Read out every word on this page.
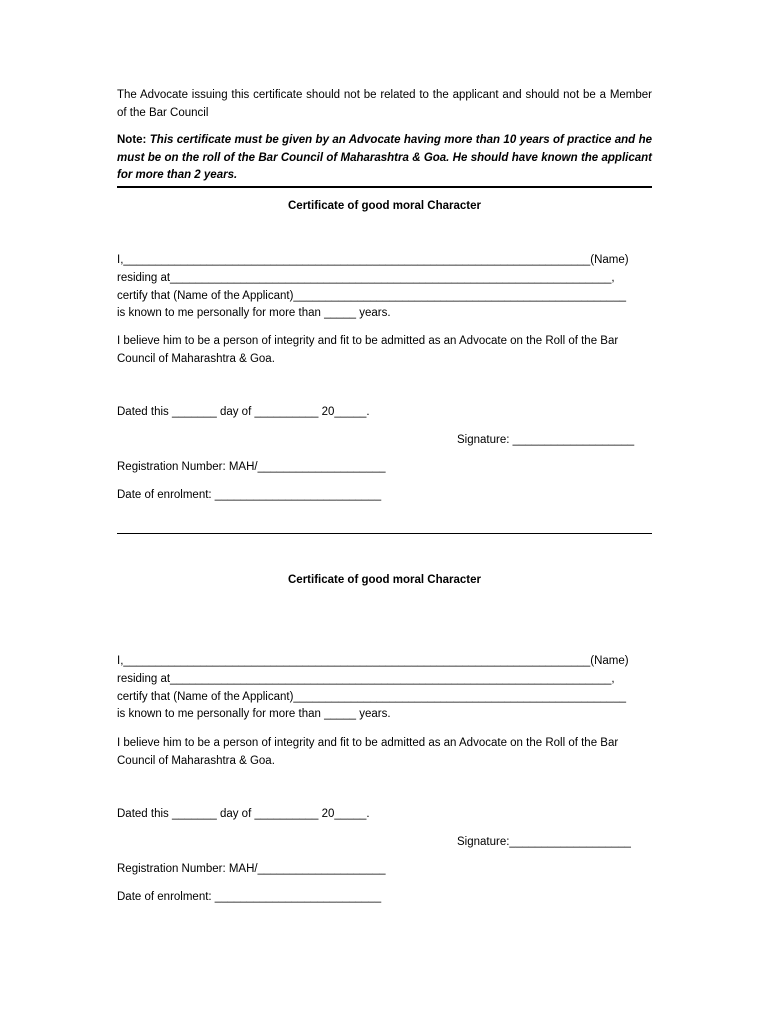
The Advocate issuing this certificate should not be related to the applicant and should not be a Member of the Bar Council
Note: This certificate must be given by an Advocate having more than 10 years of practice and he must be on the roll of the Bar Council of Maharashtra & Goa. He should have known the applicant for more than 2 years.
Certificate of good moral Character
I,_________________________________________________________________________(Name)
residing at_____________________________________________________________________,
certify that (Name of the Applicant)____________________________________________________
is known to me personally for more than _____ years.
I believe him to be a person of integrity and fit to be admitted as an Advocate on the Roll of the Bar Council of Maharashtra & Goa.
Dated this _______ day of __________ 20_____.
Signature: ___________________
Registration Number: MAH/____________________
Date of enrolment: __________________________
Certificate of good moral Character
I,_________________________________________________________________________(Name)
residing at_____________________________________________________________________,
certify that (Name of the Applicant)____________________________________________________
is known to me personally for more than _____ years.
I believe him to be a person of integrity and fit to be admitted as an Advocate on the Roll of the Bar Council of Maharashtra & Goa.
Dated this _______ day of __________ 20_____.
Signature:___________________
Registration Number: MAH/____________________
Date of enrolment: __________________________
